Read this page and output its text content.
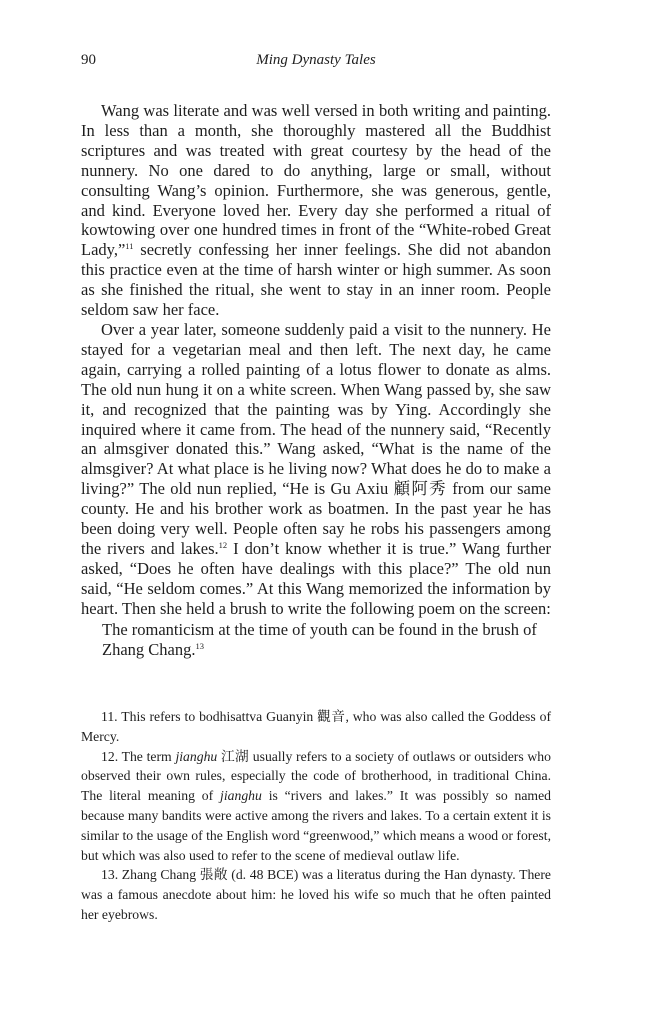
90	Ming Dynasty Tales

Wang was literate and was well versed in both writing and painting. In less than a month, she thoroughly mastered all the Buddhist scriptures and was treated with great courtesy by the head of the nunnery. No one dared to do anything, large or small, without consulting Wang’s opinion. Furthermore, she was generous, gentle, and kind. Everyone loved her. Every day she performed a ritual of kowtowing over one hundred times in front of the “White-robed Great Lady,”$^{11}$ secretly confessing her inner feelings. She did not abandon this practice even at the time of harsh winter or high summer. As soon as she finished the ritual, she went to stay in an inner room. People seldom saw her face.

Over a year later, someone suddenly paid a visit to the nunnery. He stayed for a vegetarian meal and then left. The next day, he came again, carrying a rolled painting of a lotus flower to donate as alms. The old nun hung it on a white screen. When Wang passed by, she saw it, and recognized that the painting was by Ying. Accordingly she inquired where it came from. The head of the nunnery said, “Recently an almsgiver donated this.” Wang asked, “What is the name of the almsgiver? At what place is he living now? What does he do to make a living?” The old nun replied, “He is Gu Axiu 顧阿秀 from our same county. He and his brother work as boatmen. In the past year he has been doing very well. People often say he robs his passengers among the rivers and lakes.$^{12}$ I don’t know whether it is true.” Wang further asked, “Does he often have dealings with this place?” The old nun said, “He seldom comes.” At this Wang memorized the information by heart. Then she held a brush to write the following poem on the screen:

The romanticism at the time of youth can be found in the brush of Zhang Chang.$^{13}$

11. This refers to bodhisattva Guanyin 觀音, who was also called the Goddess of Mercy.

12. The term jianghu 江湖 usually refers to a society of outlaws or outsiders who observed their own rules, especially the code of brotherhood, in traditional China. The literal meaning of jianghu is “rivers and lakes.” It was possibly so named because many bandits were active among the rivers and lakes. To a certain extent it is similar to the usage of the English word “greenwood,” which means a wood or forest, but which was also used to refer to the scene of medieval outlaw life.

13. Zhang Chang 張敞 (d. 48 BCE) was a literatus during the Han dynasty. There was a famous anecdote about him: he loved his wife so much that he often painted her eyebrows.
